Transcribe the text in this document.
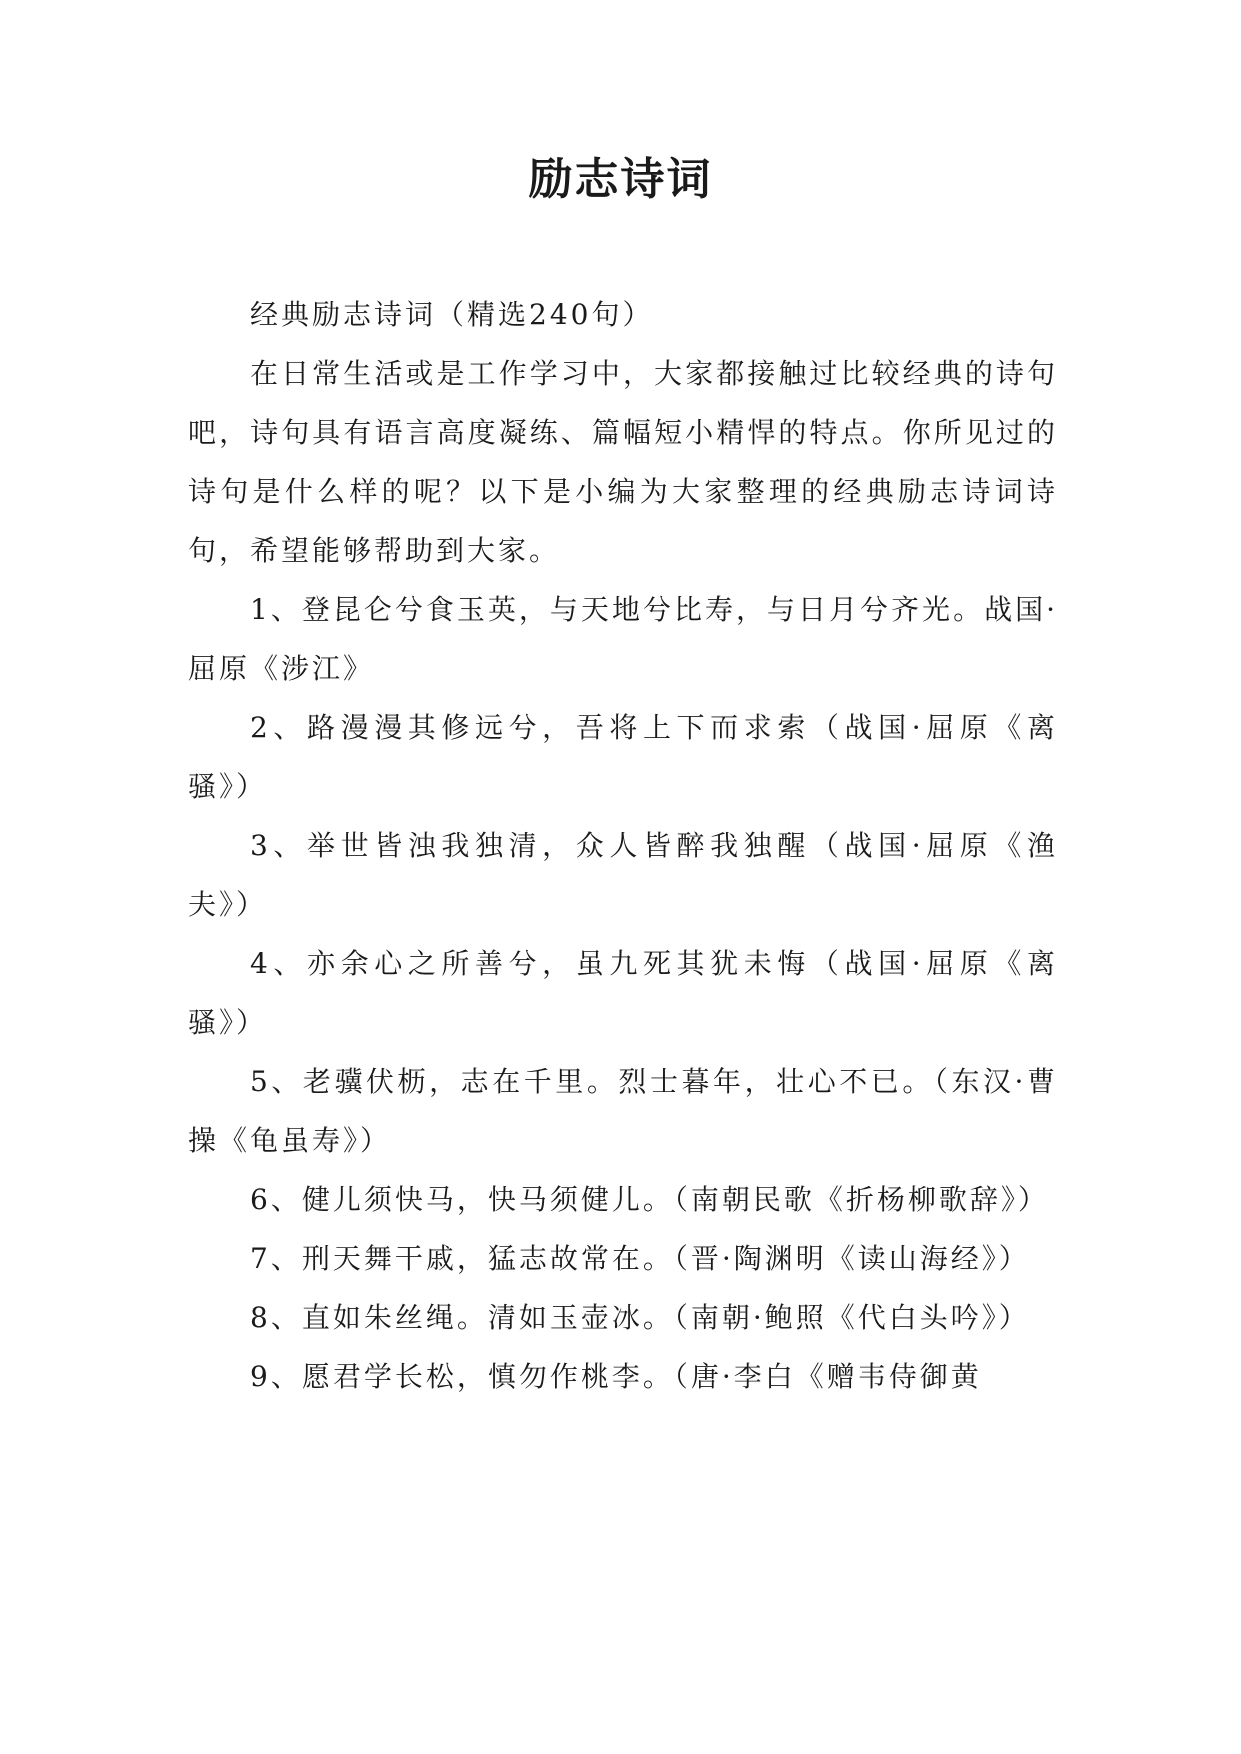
励志诗词

经典励志诗词（精选240句）

在日常生活或是工作学习中，大家都接触过比较经典的诗句吧，诗句具有语言高度凝练、篇幅短小精悍的特点。你所见过的诗句是什么样的呢？以下是小编为大家整理的经典励志诗词诗句，希望能够帮助到大家。

1、登昆仑兮食玉英，与天地兮比寿，与日月兮齐光。战国·屈原《涉江》

2、路漫漫其修远兮，吾将上下而求索（战国·屈原《离骚》）

3、举世皆浊我独清，众人皆醉我独醒（战国·屈原《渔夫》）

4、亦余心之所善兮，虽九死其犹未悔（战国·屈原《离骚》）

5、老骥伏枥，志在千里。烈士暮年，壮心不已。（东汉·曹操《龟虽寿》）

6、健儿须快马，快马须健儿。（南朝民歌《折杨柳歌辞》）

7、刑天舞干戚，猛志故常在。（晋·陶渊明《读山海经》）

8、直如朱丝绳。清如玉壶冰。（南朝·鲍照《代白头吟》）

9、愿君学长松，慎勿作桃李。（唐·李白《赠韦侍御黄
